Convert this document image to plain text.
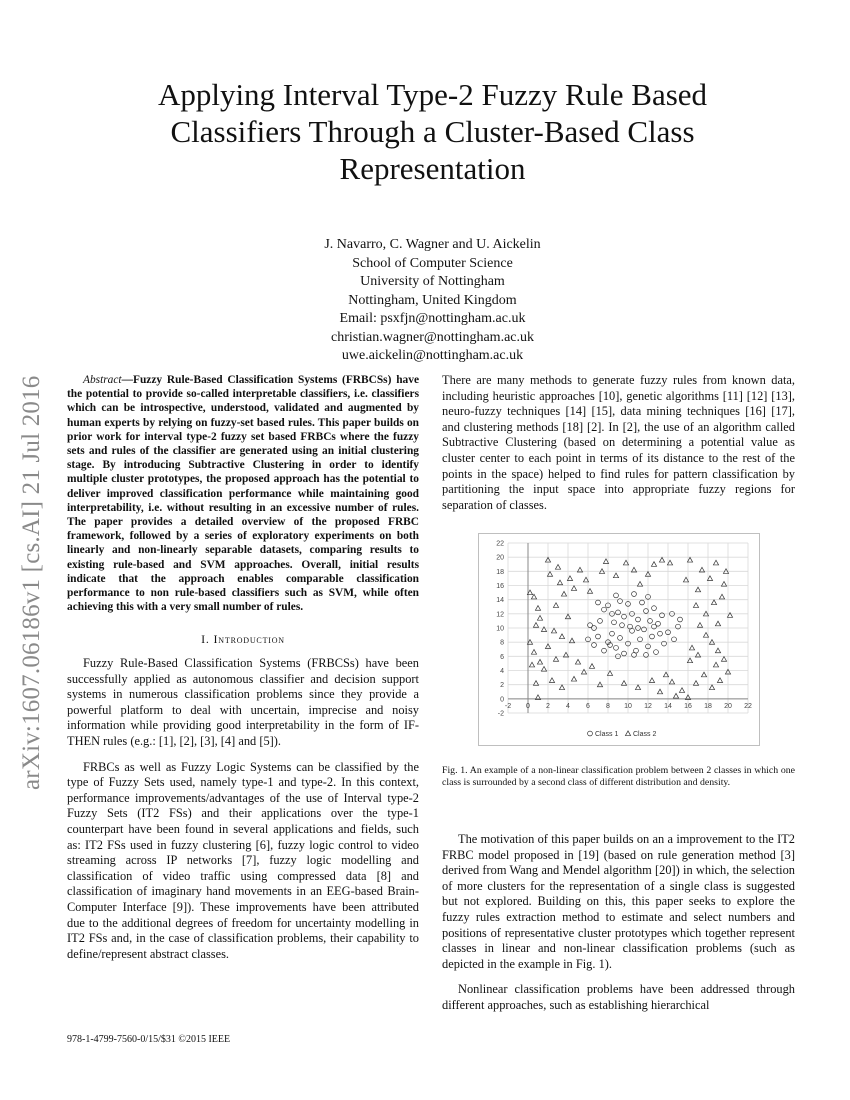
arXiv:1607.06186v1 [cs.AI] 21 Jul 2016
Applying Interval Type-2 Fuzzy Rule Based
Classifiers Through a Cluster-Based Class
Representation
J. Navarro, C. Wagner and U. Aickelin
School of Computer Science
University of Nottingham
Nottingham, United Kingdom
Email: psxfjn@nottingham.ac.uk
christian.wagner@nottingham.ac.uk
uwe.aickelin@nottingham.ac.uk

Abstract—Fuzzy Rule-Based Classification Systems (FRBCSs) have the potential to provide so-called interpretable classifiers, i.e. classifiers which can be introspective, understood, validated and augmented by human experts by relying on fuzzy-set based rules. This paper builds on prior work for interval type-2 fuzzy set based FRBCs where the fuzzy sets and rules of the classifier are generated using an initial clustering stage. By introducing Subtractive Clustering in order to identify multiple cluster prototypes, the proposed approach has the potential to deliver improved classification performance while maintaining good interpretability, i.e. without resulting in an excessive number of rules. The paper provides a detailed overview of the proposed FRBC framework, followed by a series of exploratory experiments on both linearly and non-linearly separable datasets, comparing results to existing rule-based and SVM approaches. Overall, initial results indicate that the approach enables comparable classification performance to non rule-based classifiers such as SVM, while often achieving this with a very small number of rules.

I. Introduction

Fuzzy Rule-Based Classification Systems (FRBCSs) have been successfully applied as autonomous classifier and decision support systems in numerous classification problems since they provide a powerful platform to deal with uncertain, imprecise and noisy information while providing good interpretability in the form of IF-THEN rules (e.g.: [1], [2], [3], [4] and [5]).

FRBCs as well as Fuzzy Logic Systems can be classified by the type of Fuzzy Sets used, namely type-1 and type-2. In this context, performance improvements/advantages of the use of Interval type-2 Fuzzy Sets (IT2 FSs) and their applications over the type-1 counterpart have been found in several applications and fields, such as: IT2 FSs used in fuzzy clustering [6], fuzzy logic control to video streaming across IP networks [7], fuzzy logic modelling and classification of video traffic using compressed data [8] and classification of imaginary hand movements in an EEG-based Brain-Computer Interface [9]). These improvements have been attributed due to the additional degrees of freedom for uncertainty modelling in IT2 FSs and, in the case of classification problems, their capability to define/represent abstract classes.

978-1-4799-7560-0/15/$31 ©2015 IEEE

There are many methods to generate fuzzy rules from known data, including heuristic approaches [10], genetic algorithms [11] [12] [13], neuro-fuzzy techniques [14] [15], data mining techniques [16] [17], and clustering methods [18] [2]. In [2], the use of an algorithm called Subtractive Clustering (based on determining a potential value as cluster center to each point in terms of its distance to the rest of the points in the space) helped to find rules for pattern classification by partitioning the input space into appropriate fuzzy regions for separation of classes.

-2
0
2
4
6
8
10
12
14
16
18
20
22
-2 0 2 4 6 8 10 12 14 16 18 20 22
Class 1 Class 2
Fig. 1. An example of a non-linear classification problem between 2 classes in which one class is surrounded by a second class of different distribution and density.

The motivation of this paper builds on an a improvement to the IT2 FRBC model proposed in [19] (based on rule generation method [3] derived from Wang and Mendel algorithm [20]) in which, the selection of more clusters for the representation of a single class is suggested but not explored. Building on this, this paper seeks to explore the fuzzy rules extraction method to estimate and select numbers and positions of representative cluster prototypes which together represent classes in linear and non-linear classification problems (such as depicted in the example in Fig. 1).

Nonlinear classification problems have been addressed through different approaches, such as establishing hierarchical
